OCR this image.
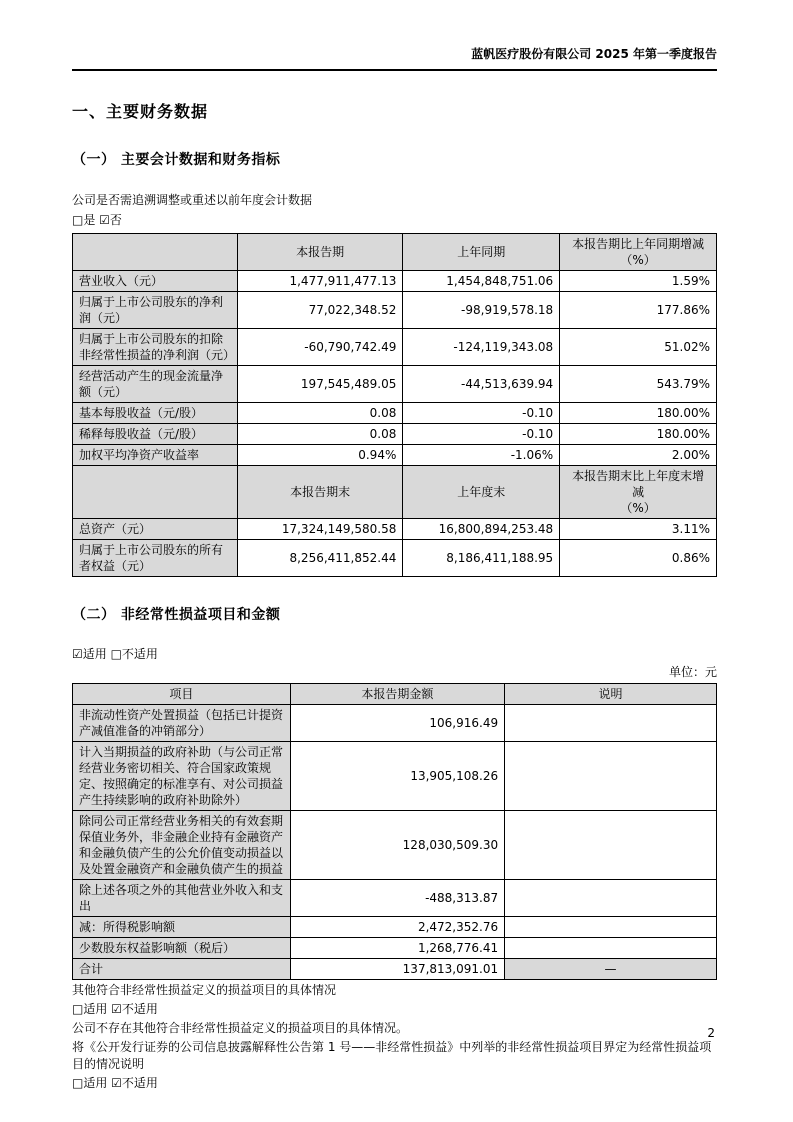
蓝帆医疗股份有限公司 2025 年第一季度报告
一、主要财务数据
（一） 主要会计数据和财务指标

公司是否需追溯调整或重述以前年度会计数据

□是 ☑否

	本报告期	上年同期	本报告期比上年同期增减
（%）

营业收入（元）	1,477,911,477.13	1,454,848,751.06	1.59%
归属于上市公司股东的净利润（元）	77,022,348.52	-98,919,578.18	177.86%
归属于上市公司股东的扣除非经常性损益的净利润（元）	-60,790,742.49	-124,119,343.08	51.02%
经营活动产生的现金流量净额（元）	197,545,489.05	-44,513,639.94	543.79%
基本每股收益（元/股）	0.08	-0.10	180.00%
稀释每股收益（元/股）	0.08	-0.10	180.00%
加权平均净资产收益率	0.94%	-1.06%	2.00%
	本报告期末	上年度末	本报告期末比上年度末增减
（%）

总资产（元）	17,324,149,580.58	16,800,894,253.48	3.11%
归属于上市公司股东的所有者权益（元）	8,256,411,852.44	8,186,411,188.95	0.86%
（二） 非经常性损益项目和金额

☑适用 □不适用

单位：元

项目	本报告期金额	说明
非流动性资产处置损益（包括已计提资产减值准备的冲销部分）	106,916.49	
计入当期损益的政府补助（与公司正常经营业务密切相关、符合国家政策规定、按照确定的标准享有、对公司损益产生持续影响的政府补助除外）	13,905,108.26	
除同公司正常经营业务相关的有效套期保值业务外，非金融企业持有金融资产和金融负债产生的公允价值变动损益以及处置金融资产和金融负债产生的损益	128,030,509.30	
除上述各项之外的其他营业外收入和支出	-488,313.87	
减：所得税影响额	2,472,352.76	
少数股东权益影响额（税后）	1,268,776.41	
合计	137,813,091.01	—

其他符合非经常性损益定义的损益项目的具体情况

□适用 ☑不适用

公司不存在其他符合非经常性损益定义的损益项目的具体情况。

将《公开发行证券的公司信息披露解释性公告第 1 号——非经常性损益》中列举的非经常性损益项目界定为经常性损益项目的情况说明

□适用 ☑不适用

2
